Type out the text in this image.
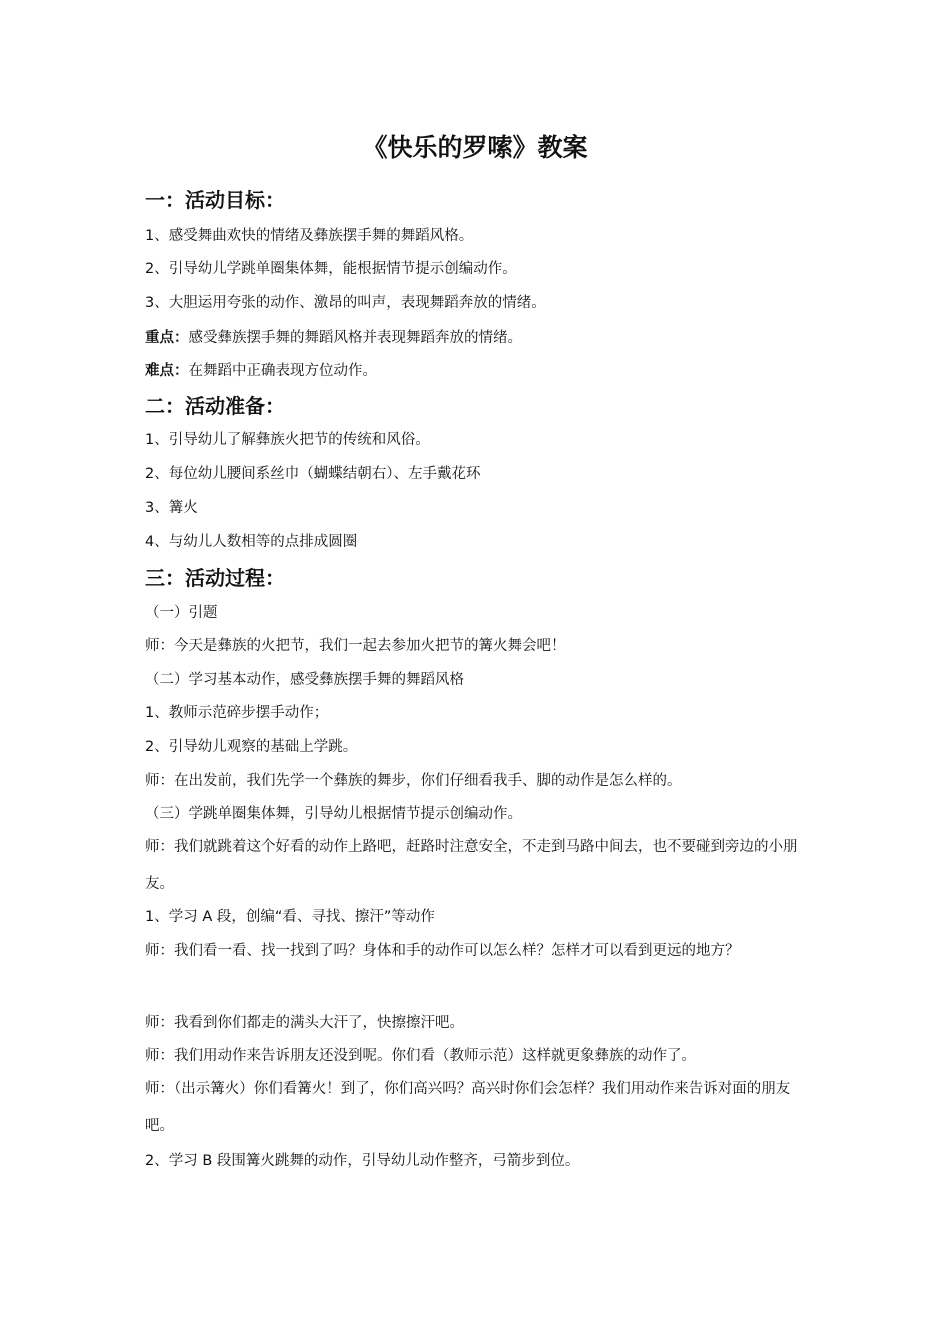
《快乐的罗嗦》教案
一：活动目标：
1、感受舞曲欢快的情绪及彝族摆手舞的舞蹈风格。
2、引导幼儿学跳单圈集体舞，能根据情节提示创编动作。
3、大胆运用夸张的动作、激昂的叫声，表现舞蹈奔放的情绪。
重点：感受彝族摆手舞的舞蹈风格并表现舞蹈奔放的情绪。
难点：在舞蹈中正确表现方位动作。
二：活动准备：
1、引导幼儿了解彝族火把节的传统和风俗。
2、每位幼儿腰间系丝巾（蝴蝶结朝右）、左手戴花环
3、篝火
4、与幼儿人数相等的点排成圆圈
三：活动过程：
（一）引题
师：今天是彝族的火把节，我们一起去参加火把节的篝火舞会吧！
（二）学习基本动作，感受彝族摆手舞的舞蹈风格
1、教师示范碎步摆手动作；
2、引导幼儿观察的基础上学跳。
师：在出发前，我们先学一个彝族的舞步，你们仔细看我手、脚的动作是怎么样的。
（三）学跳单圈集体舞，引导幼儿根据情节提示创编动作。
师：我们就跳着这个好看的动作上路吧，赶路时注意安全，不走到马路中间去，也不要碰到旁边的小朋友。
1、学习 A 段，创编“看、寻找、擦汗”等动作
师：我们看一看、找一找到了吗？身体和手的动作可以怎么样？怎样才可以看到更远的地方？
师：我看到你们都走的满头大汗了，快擦擦汗吧。
师：我们用动作来告诉朋友还没到呢。你们看（教师示范）这样就更象彝族的动作了。
师：（出示篝火）你们看篝火！到了，你们高兴吗？高兴时你们会怎样？我们用动作来告诉对面的朋友吧。
2、学习 B 段围篝火跳舞的动作，引导幼儿动作整齐，弓箭步到位。
